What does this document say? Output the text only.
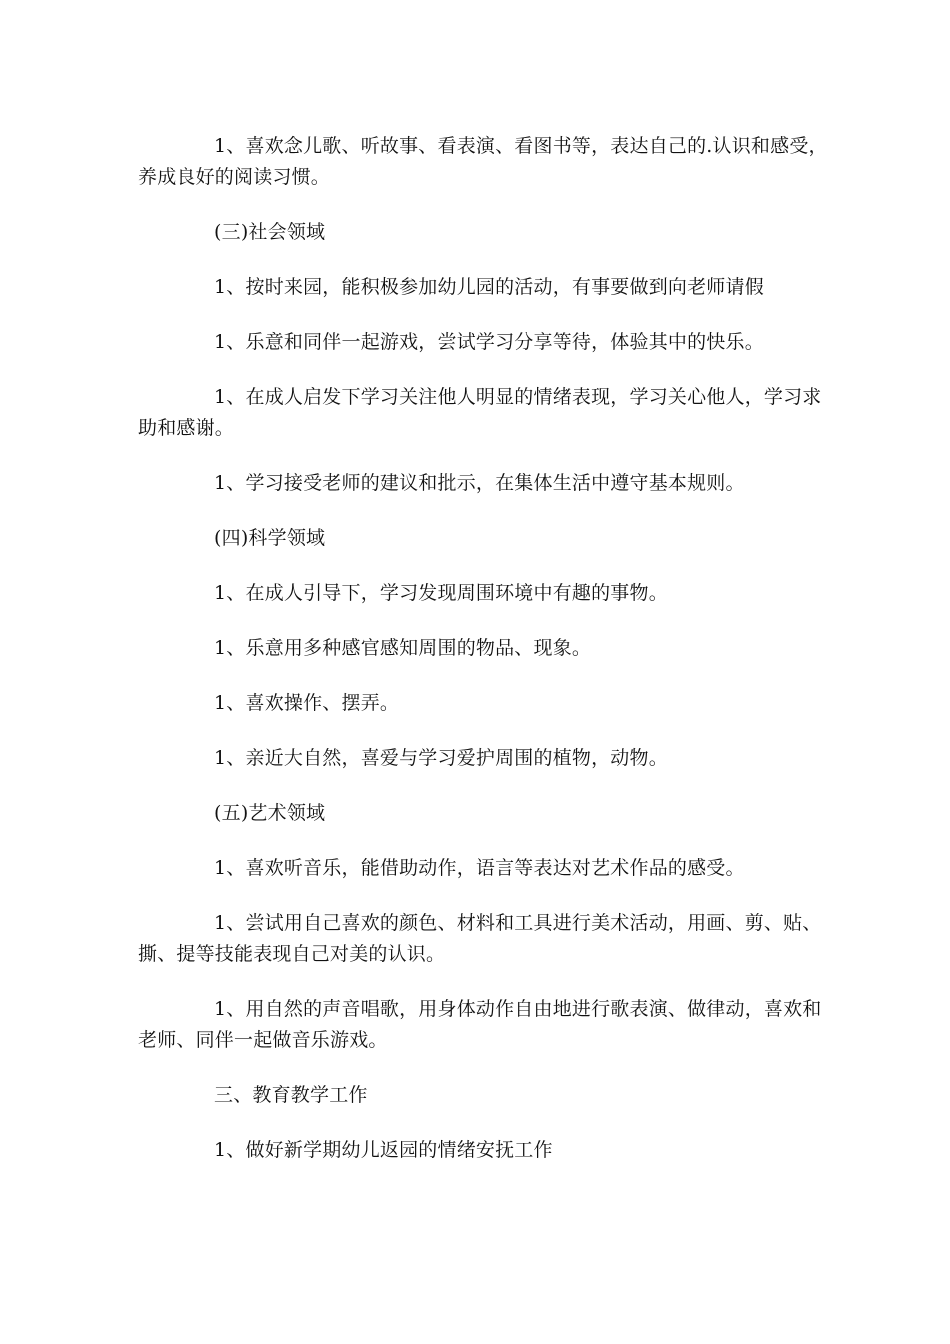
1、喜欢念儿歌、听故事、看表演、看图书等，表达自己的.认识和感受，养成良好的阅读习惯。

(三)社会领域

1、按时来园，能积极参加幼儿园的活动，有事要做到向老师请假

1、乐意和同伴一起游戏，尝试学习分享等待，体验其中的快乐。

1、在成人启发下学习关注他人明显的情绪表现，学习关心他人，学习求助和感谢。

1、学习接受老师的建议和批示，在集体生活中遵守基本规则。

(四)科学领域

1、在成人引导下，学习发现周围环境中有趣的事物。

1、乐意用多种感官感知周围的物品、现象。

1、喜欢操作、摆弄。

1、亲近大自然，喜爱与学习爱护周围的植物，动物。

(五)艺术领域

1、喜欢听音乐，能借助动作，语言等表达对艺术作品的感受。

1、尝试用自己喜欢的颜色、材料和工具进行美术活动，用画、剪、贴、撕、提等技能表现自己对美的认识。

1、用自然的声音唱歌，用身体动作自由地进行歌表演、做律动，喜欢和老师、同伴一起做音乐游戏。

三、教育教学工作

1、做好新学期幼儿返园的情绪安抚工作
